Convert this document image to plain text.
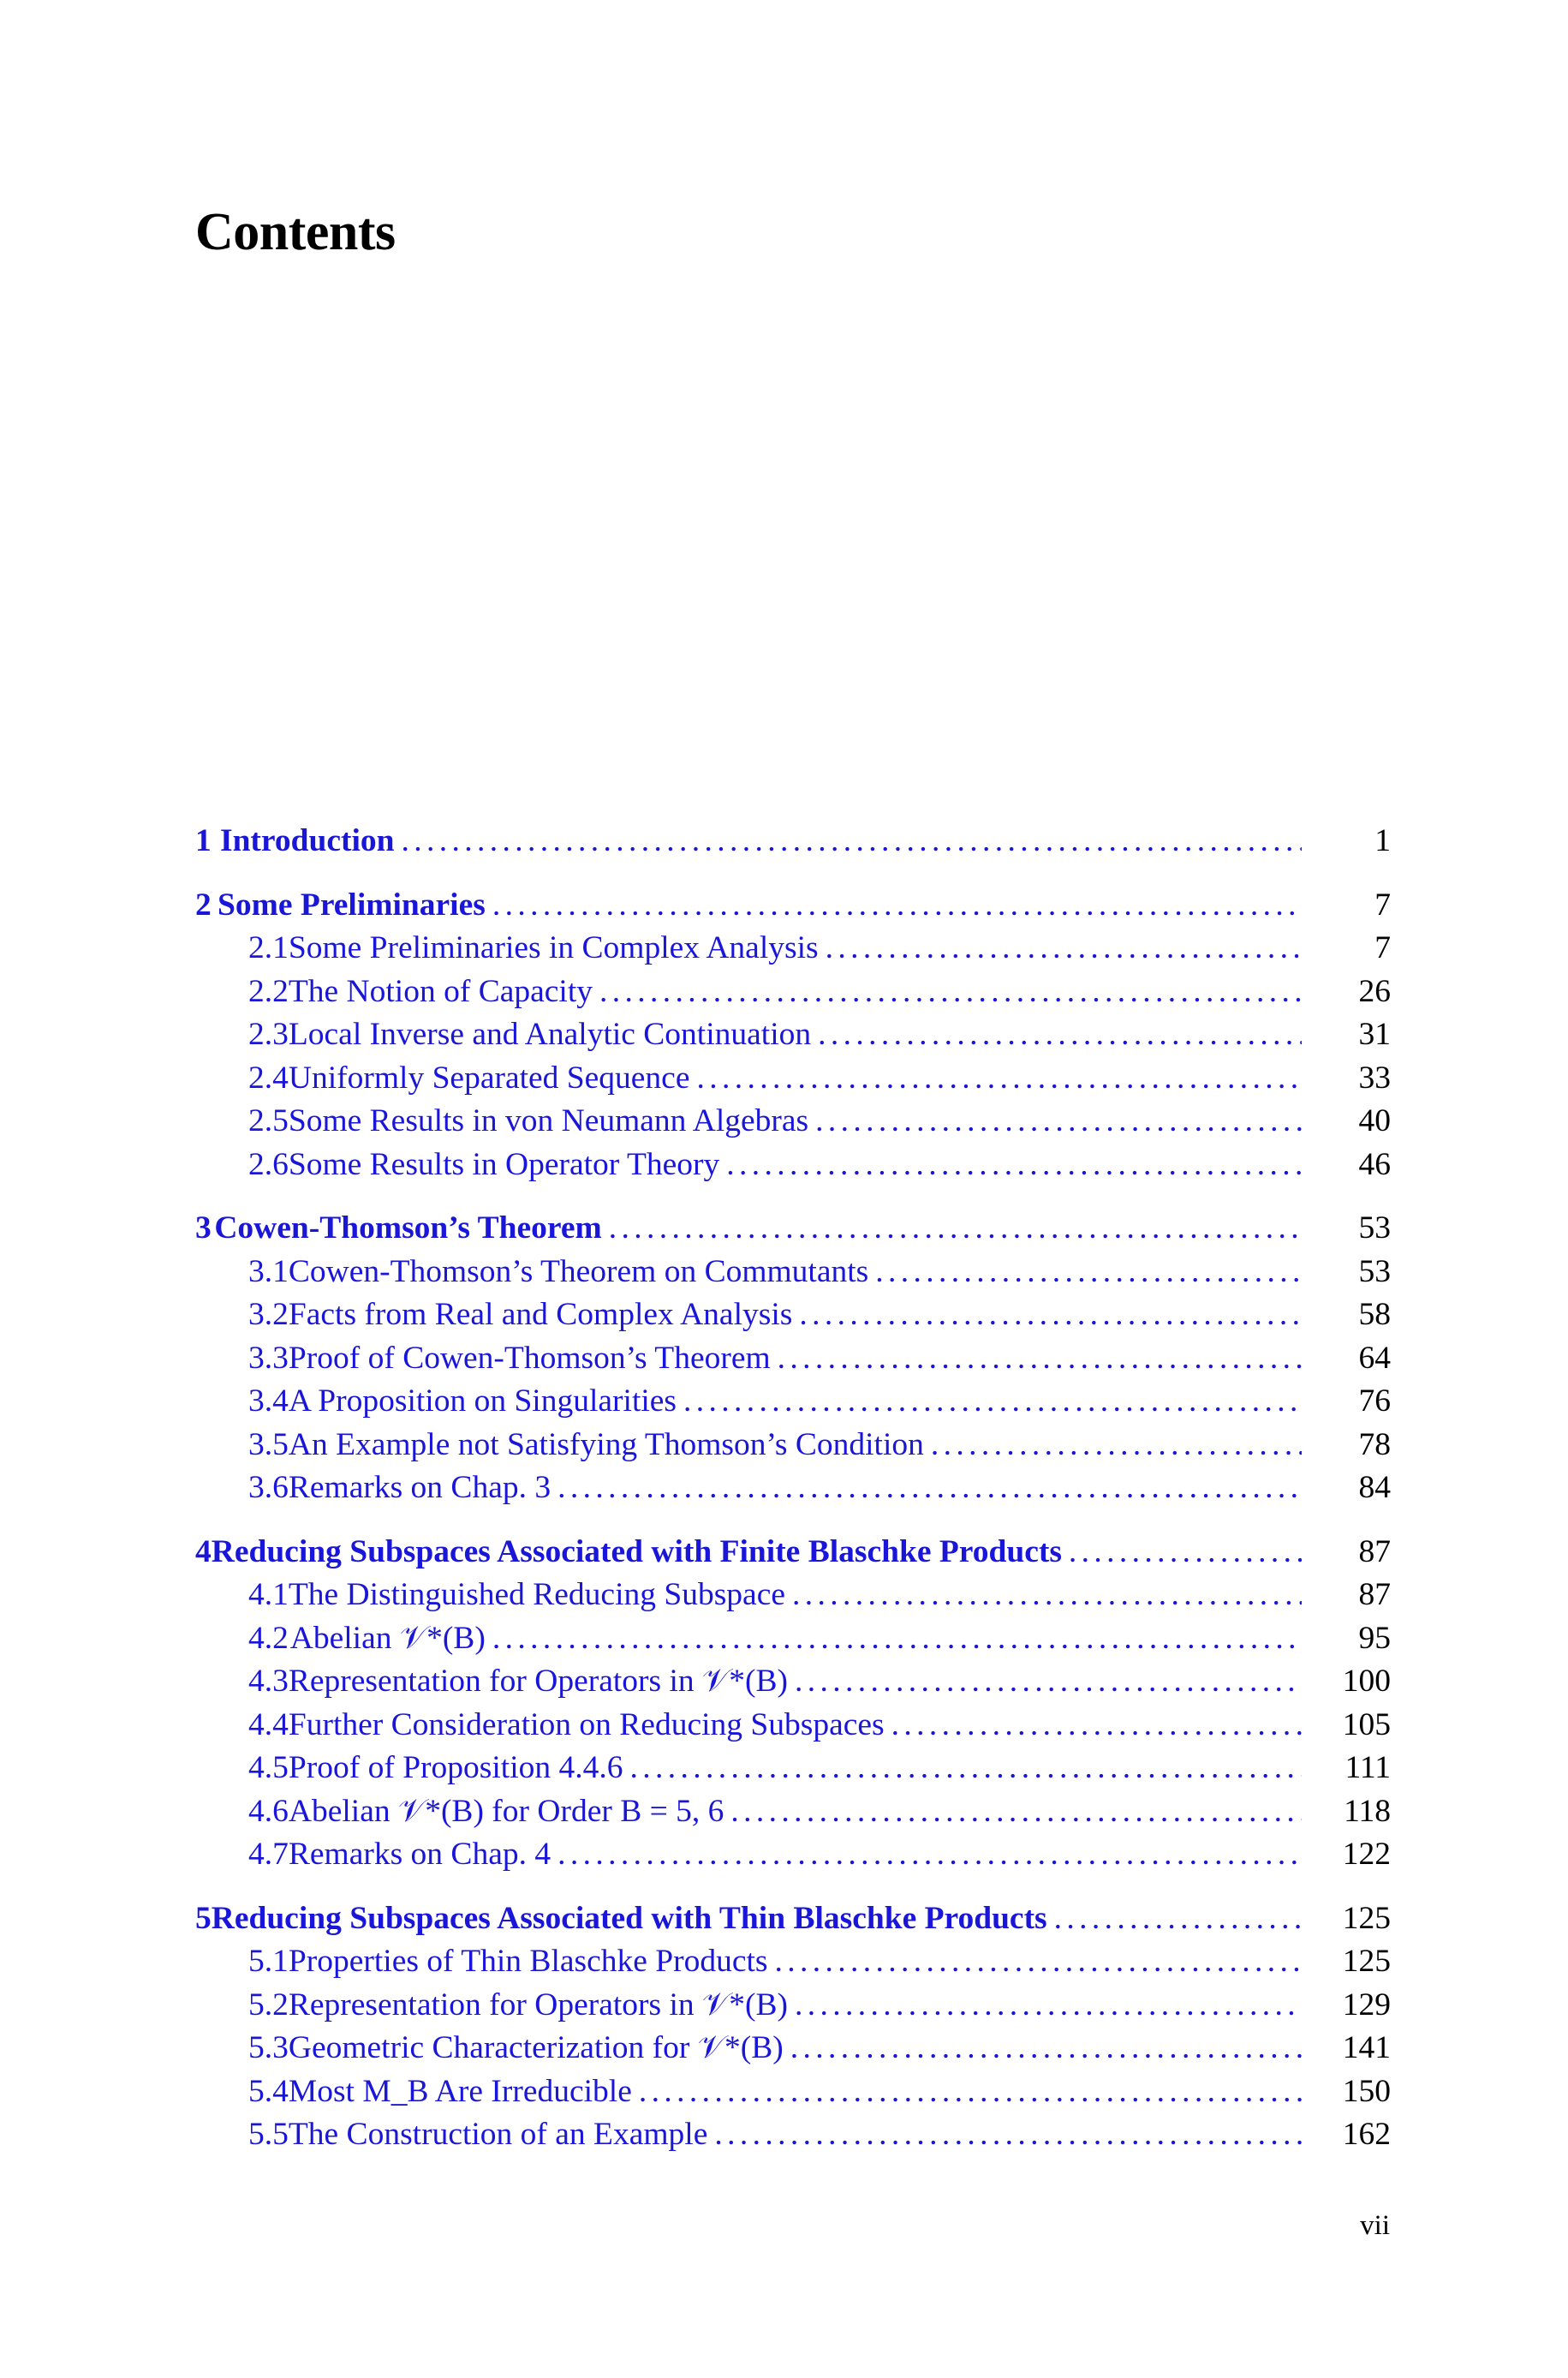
Contents
1 Introduction . . .	1
2 Some Preliminaries . . .	7
2.1 Some Preliminaries in Complex Analysis . . .	7
2.2 The Notion of Capacity . . .	26
2.3 Local Inverse and Analytic Continuation . . .	31
2.4 Uniformly Separated Sequence . . .	33
2.5 Some Results in von Neumann Algebras . . .	40
2.6 Some Results in Operator Theory . . .	46
3 Cowen-Thomson’s Theorem . . .	53
3.1 Cowen-Thomson’s Theorem on Commutants . . .	53
3.2 Facts from Real and Complex Analysis . . .	58
3.3 Proof of Cowen-Thomson’s Theorem . . .	64
3.4 A Proposition on Singularities . . .	76
3.5 An Example not Satisfying Thomson’s Condition . . .	78
3.6 Remarks on Chap. 3 . . .	84
4 Reducing Subspaces Associated with Finite Blaschke Products . . .	87
4.1 The Distinguished Reducing Subspace . . .	87
4.2 Abelian 𝒱*(B) . . .	95
4.3 Representation for Operators in 𝒱*(B) . . .	100
4.4 Further Consideration on Reducing Subspaces . . .	105
4.5 Proof of Proposition 4.4.6 . . .	111
4.6 Abelian 𝒱*(B) for Order B = 5, 6 . . .	118
4.7 Remarks on Chap. 4 . . .	122
5 Reducing Subspaces Associated with Thin Blaschke Products . . .	125
5.1 Properties of Thin Blaschke Products . . .	125
5.2 Representation for Operators in 𝒱*(B) . . .	129
5.3 Geometric Characterization for 𝒱*(B) . . .	141
5.4 Most M_B Are Irreducible . . .	150
5.5 The Construction of an Example . . .	162
vii
